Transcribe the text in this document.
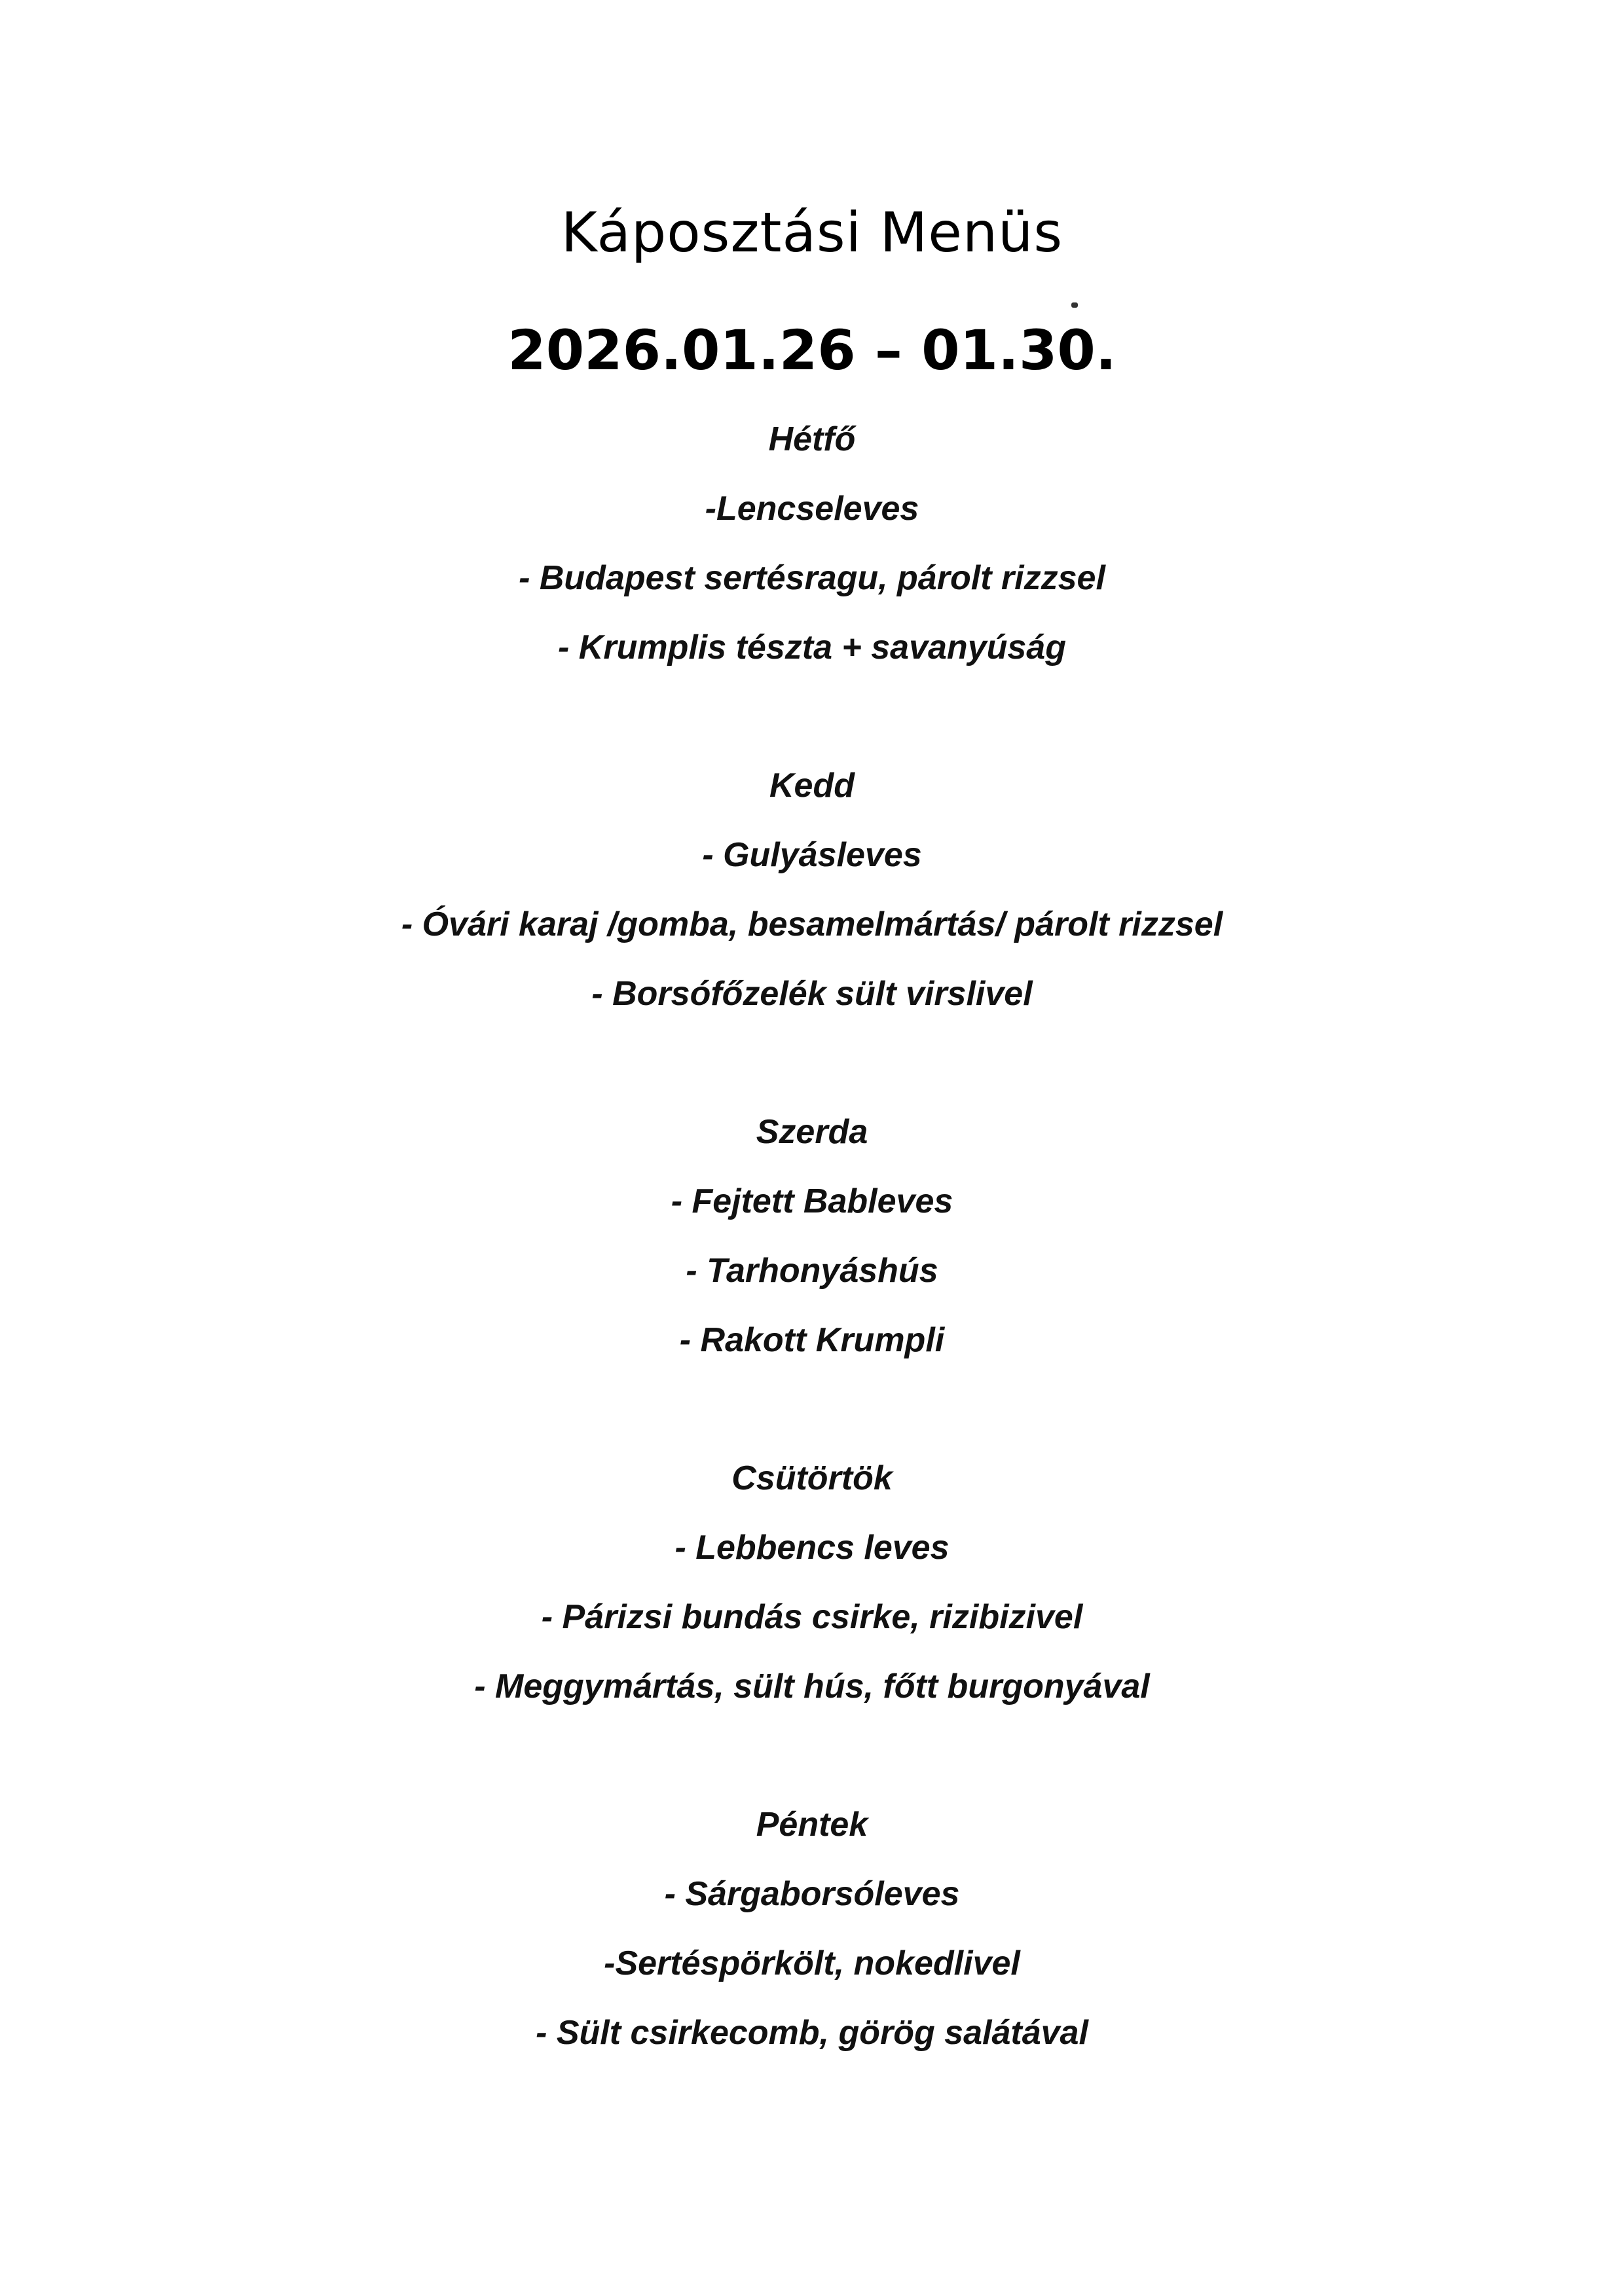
Káposztási Menüs
2026.01.26 – 01.30.
Hétfő
-Lencseleves
- Budapest sertésragu, párolt rizzsel
- Krumplis tészta + savanyúság
Kedd
- Gulyásleves
- Óvári karaj /gomba, besamelmártás/ párolt rizzsel
- Borsófőzelék sült virslivel
Szerda
- Fejtett Bableves
- Tarhonyáshús
- Rakott Krumpli
Csütörtök
- Lebbencs leves
- Párizsi bundás csirke, rizibizivel
- Meggymártás, sült hús, főtt burgonyával
Péntek
- Sárgaborsóleves
-Sertéspörkölt, nokedlivel
- Sült csirkecomb, görög salátával
